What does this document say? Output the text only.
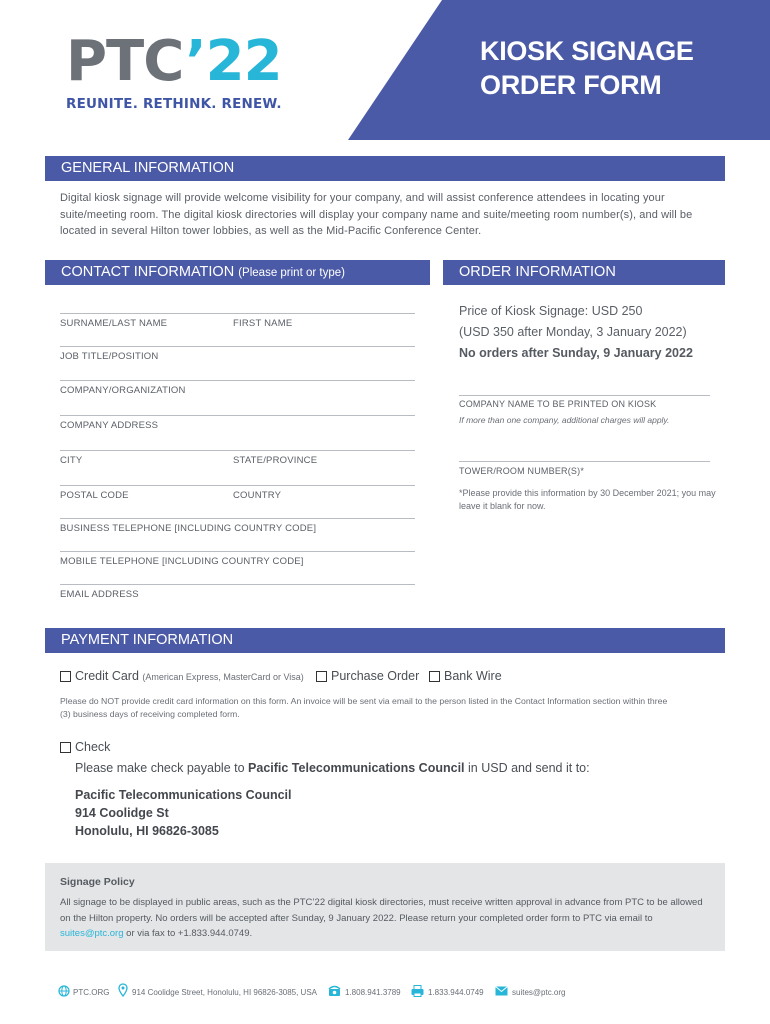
PTC’22
REUNITE. RETHINK. RENEW.
KIOSK SIGNAGE
ORDER FORM
GENERAL INFORMATION
Digital kiosk signage will provide welcome visibility for your company, and will assist conference attendees in locating your suite/meeting room. The digital kiosk directories will display your company name and suite/meeting room number(s), and will be located in several Hilton tower lobbies, as well as the Mid-Pacific Conference Center.
CONTACT INFORMATION (Please print or type)
SURNAME/LAST NAME	FIRST NAME
JOB TITLE/POSITION
COMPANY/ORGANIZATION
COMPANY ADDRESS
CITY	STATE/PROVINCE
POSTAL CODE	COUNTRY
BUSINESS TELEPHONE [INCLUDING COUNTRY CODE]
MOBILE TELEPHONE [INCLUDING COUNTRY CODE]
EMAIL ADDRESS
ORDER INFORMATION
Price of Kiosk Signage: USD 250
(USD 350 after Monday, 3 January 2022)
No orders after Sunday, 9 January 2022
COMPANY NAME TO BE PRINTED ON KIOSK
If more than one company, additional charges will apply.
TOWER/ROOM NUMBER(S)*
*Please provide this information by 30 December 2021; you may leave it blank for now.
PAYMENT INFORMATION
Credit Card (American Express, MasterCard or Visa) Purchase Order Bank Wire
Please do NOT provide credit card information on this form. An invoice will be sent via email to the person listed in the Contact Information section within three (3) business days of receiving completed form.
Check
Please make check payable to Pacific Telecommunications Council in USD and send it to:
Pacific Telecommunications Council
914 Coolidge St
Honolulu, HI 96826-3085
Signage Policy
All signage to be displayed in public areas, such as the PTC’22 digital kiosk directories, must receive written approval in advance from PTC to be allowed on the Hilton property. No orders will be accepted after Sunday, 9 January 2022. Please return your completed order form to PTC via email to suites@ptc.org or via fax to +1.833.944.0749.
PTC.ORG	914 Coolidge Street, Honolulu, HI 96826-3085, USA	1.808.941.3789	1.833.944.0749	suites@ptc.org
